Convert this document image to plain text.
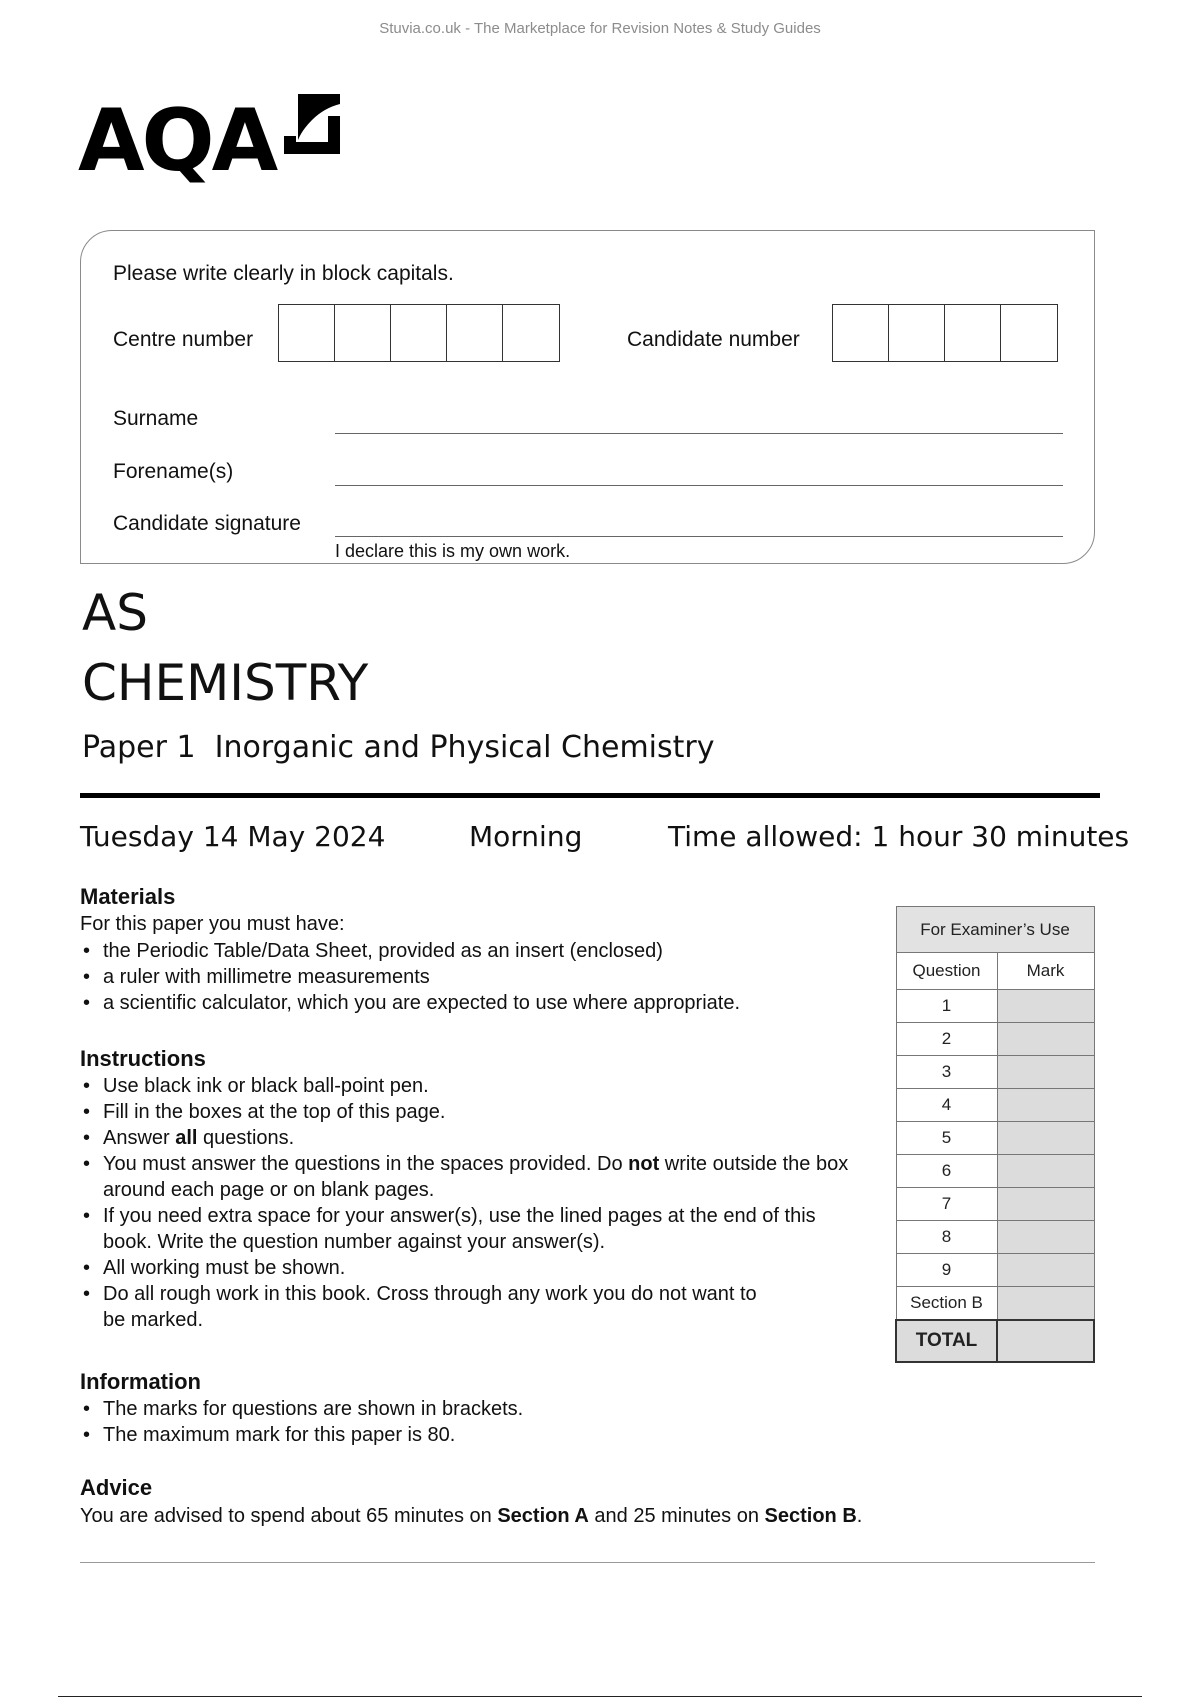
Stuvia.co.uk - The Marketplace for Revision Notes & Study Guides
AQA
Please write clearly in block capitals.
Centre number	Candidate number
Surname
Forename(s)
Candidate signature
I declare this is my own work.
AS
CHEMISTRY
Paper 1  Inorganic and Physical Chemistry
Tuesday 14 May 2024	Morning	Time allowed: 1 hour 30 minutes
Materials
For this paper you must have:
• the Periodic Table/Data Sheet, provided as an insert (enclosed)
• a ruler with millimetre measurements
• a scientific calculator, which you are expected to use where appropriate.
Instructions
• Use black ink or black ball-point pen.
• Fill in the boxes at the top of this page.
• Answer all questions.
• You must answer the questions in the spaces provided. Do not write outside the box around each page or on blank pages.
• If you need extra space for your answer(s), use the lined pages at the end of this book. Write the question number against your answer(s).
• All working must be shown.
• Do all rough work in this book. Cross through any work you do not want to be marked.
Information
• The marks for questions are shown in brackets.
• The maximum mark for this paper is 80.
Advice
You are advised to spend about 65 minutes on Section A and 25 minutes on Section B.
For Examiner’s Use	
Question	Mark
1	
2	
3	
4	
5	
6	
7	
8	
9	
Section B	
TOTAL	
